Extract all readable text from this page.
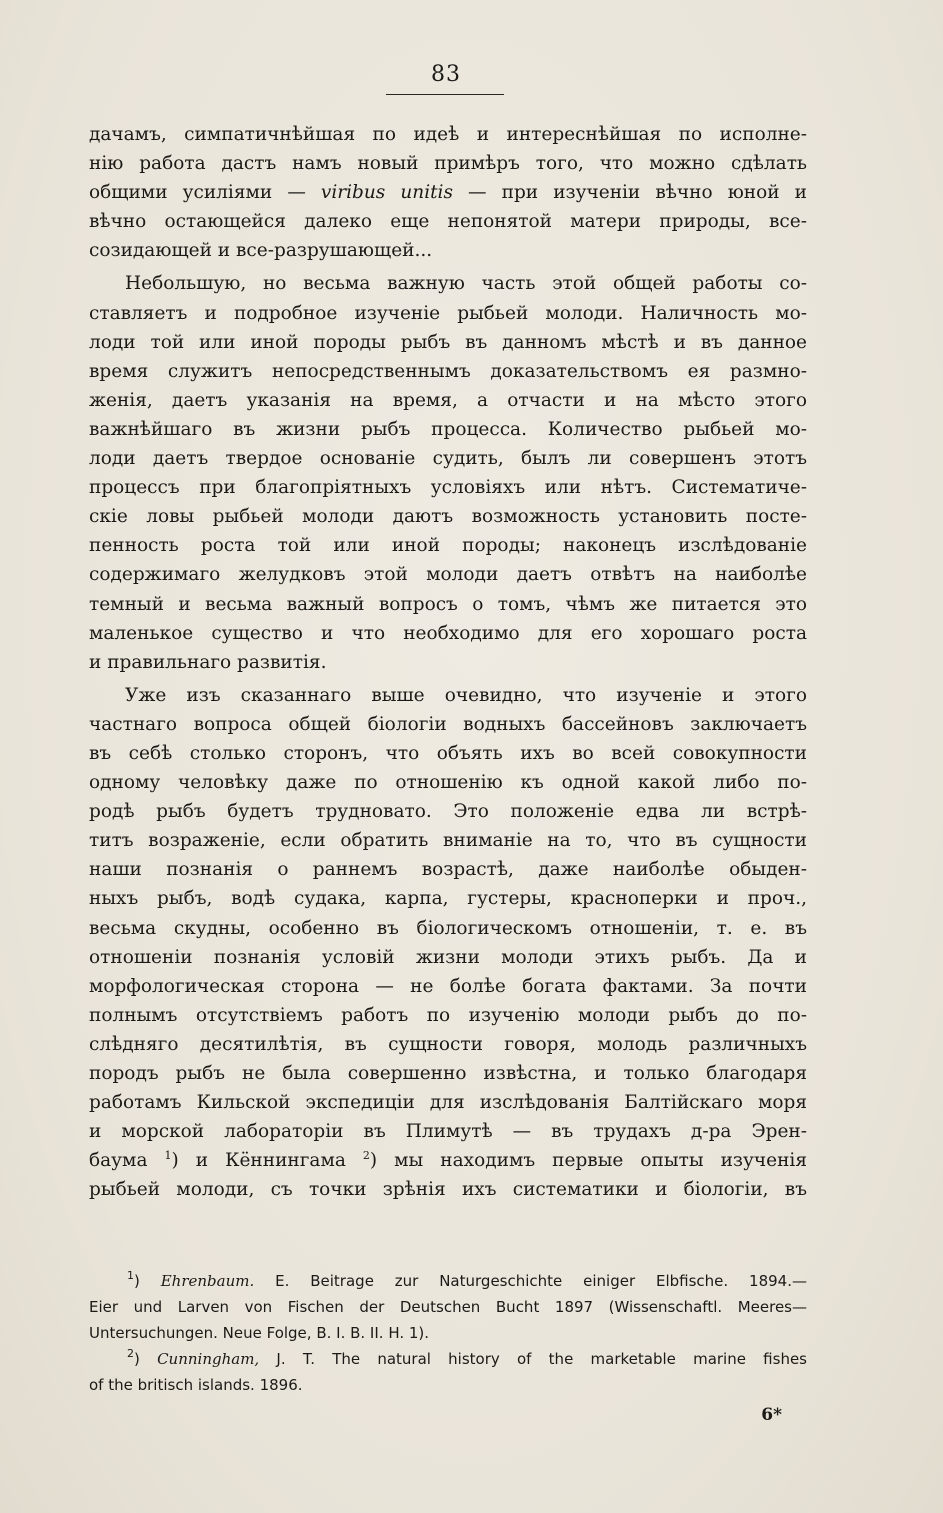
83
дачамъ, симпатичнѣйшая по идеѣ и интереснѣйшая по исполне-
нію работа дастъ намъ новый примѣръ того, что можно сдѣлать
общими усиліями — viribus unitis — при изученіи вѣчно юной и
вѣчно остающейся далеко еще непонятой матери природы, все-
созидающей и все-разрушающей...
Небольшую, но весьма важную часть этой общей работы со-
ставляетъ и подробное изученіе рыбьей молоди. Наличность мо-
лоди той или иной породы рыбъ въ данномъ мѣстѣ и въ данное
время служитъ непосредственнымъ доказательствомъ ея размно-
женія, даетъ указанія на время, а отчасти и на мѣсто этого
важнѣйшаго въ жизни рыбъ процесса. Количество рыбьей мо-
лоди даетъ твердое основаніе судить, былъ ли совершенъ этотъ
процессъ при благопріятныхъ условіяхъ или нѣтъ. Систематиче-
скіе ловы рыбьей молоди даютъ возможность установить посте-
пенность роста той или иной породы; наконецъ изслѣдованіе
содержимаго желудковъ этой молоди даетъ отвѣтъ на наиболѣе
темный и весьма важный вопросъ о томъ, чѣмъ же питается это
маленькое существо и что необходимо для его хорошаго роста
и правильнаго развитія.
Уже изъ сказаннаго выше очевидно, что изученіе и этого
частнаго вопроса общей біологіи водныхъ бассейновъ заключаетъ
въ себѣ столько сторонъ, что объять ихъ во всей совокупности
одному человѣку даже по отношенію къ одной какой либо по-
родѣ рыбъ будетъ трудновато. Это положеніе едва ли встрѣ-
титъ возраженіе, если обратить вниманіе на то, что въ сущности
наши познанія о раннемъ возрастѣ, даже наиболѣе обыден-
ныхъ рыбъ, водѣ судака, карпа, густеры, красноперки и проч.,
весьма скудны, особенно въ біологическомъ отношеніи, т. е. въ
отношеніи познанія условій жизни молоди этихъ рыбъ. Да и
морфологическая сторона — не болѣе богата фактами. За почти
полнымъ отсутствіемъ работъ по изученію молоди рыбъ до по-
слѣдняго десятилѣтія, въ сущности говоря, молодь различныхъ
породъ рыбъ не была совершенно извѣстна, и только благодаря
работамъ Кильской экспедиціи для изслѣдованія Балтійскаго моря
и морской лабораторіи въ Плимутѣ — въ трудахъ д-ра Эрен-
баума $^1$) и Кённингама $^2$) мы находимъ первые опыты изученія
рыбьей молоди, съ точки зрѣнія ихъ систематики и біологіи, въ
$^1$) Ehrenbaum. E. Beitrage zur Naturgeschichte einiger Elbfische. 1894.—
Eier und Larven von Fischen der Deutschen Bucht 1897 (Wissenschaftl. Meeres—
Untersuchungen. Neue Folge, B. I. B. II. H. 1).
$^2$) Cunningham, J. T. The natural history of the marketable marine fishes
of the britisch islands. 1896.
6*
